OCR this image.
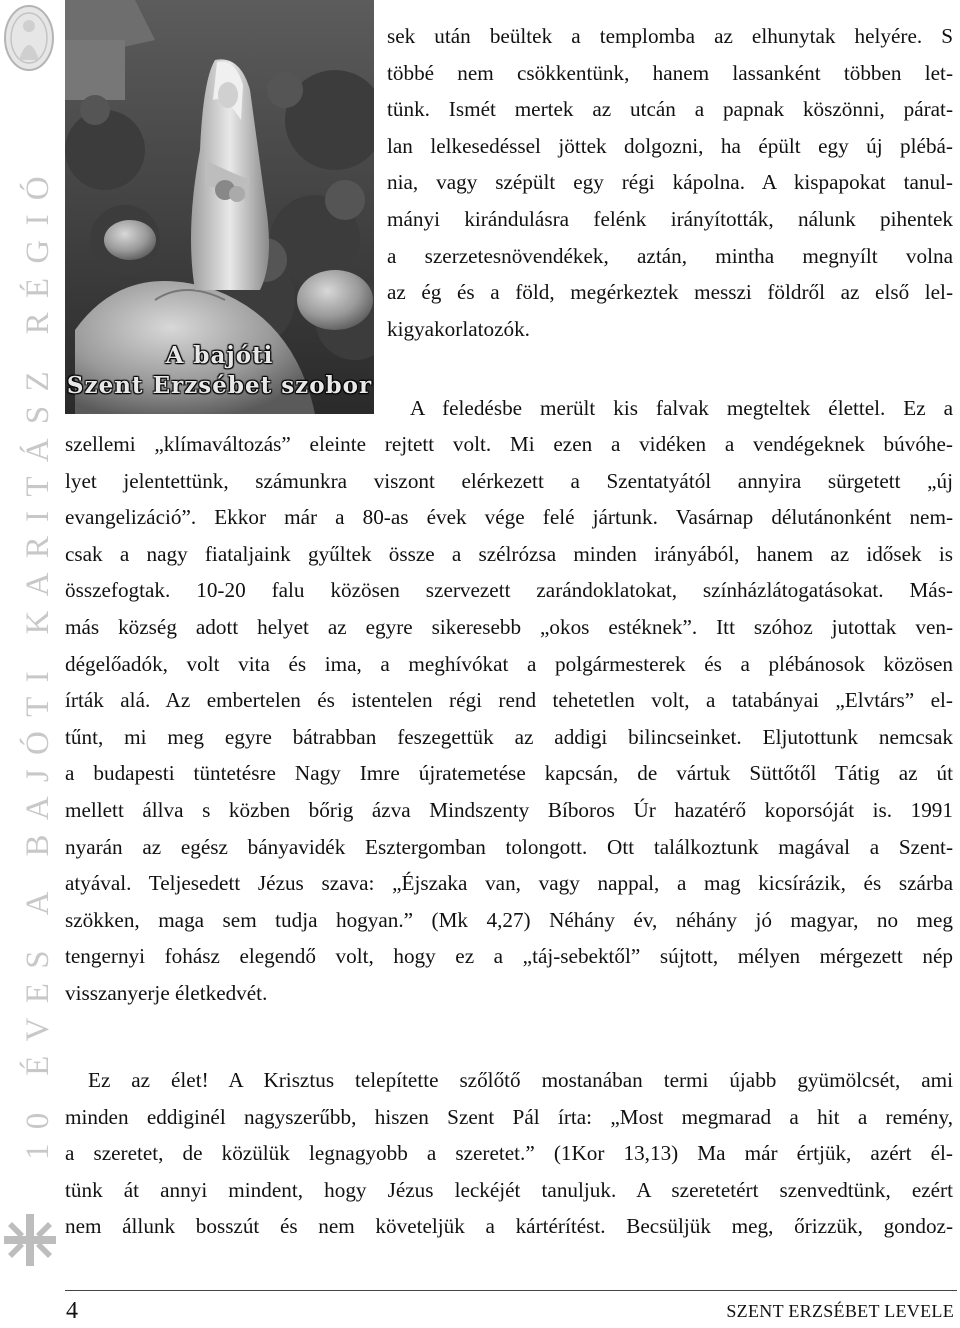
10 ÉVES A BAJÓTI KARITÁSZ RÉGIÓ	A bajóti
Szent Erzsébet szobor
sek után beültek a templomba az elhunytak helyére. S
többé nem csökkentünk, hanem lassanként többen let-
tünk. Ismét mertek az utcán a papnak köszönni, párat-
lan lelkesedéssel jöttek dolgozni, ha épült egy új plébá-
nia, vagy szépült egy régi kápolna. A kispapokat tanul-
mányi kirándulásra felénk irányították, nálunk pihentek
a szerzetesnövendékek, aztán, mintha megnyílt volna
az ég és a föld, megérkeztek messzi földről az első lel-
kigyakorlatozók.
A feledésbe merült kis falvak megteltek élettel. Ez a
szellemi „klímaváltozás” eleinte rejtett volt. Mi ezen a vidéken a vendégeknek búvóhe-
lyet jelentettünk, számunkra viszont elérkezett a Szentatyától annyira sürgetett „új
evangelizáció”. Ekkor már a 80-as évek vége felé jártunk. Vasárnap délutánonként nem-
csak a nagy fiataljaink gyűltek össze a szélrózsa minden irányából, hanem az idősek is
összefogtak. 10-20 falu közösen szervezett zarándoklatokat, színházlátogatásokat. Más-
más község adott helyet az egyre sikeresebb „okos estéknek”. Itt szóhoz jutottak ven-
dégelőadók, volt vita és ima, a meghívókat a polgármesterek és a plébánosok közösen
írták alá. Az embertelen és istentelen régi rend tehetetlen volt, a tatabányai „Elvtárs” el-
tűnt, mi meg egyre bátrabban feszegettük az addigi bilincseinket. Eljutottunk nemcsak
a budapesti tüntetésre Nagy Imre újratemetése kapcsán, de vártuk Süttőtől Tátig az út
mellett állva s közben bőrig ázva Mindszenty Bíboros Úr hazatérő koporsóját is. 1991
nyarán az egész bányavidék Esztergomban tolongott. Ott találkoztunk magával a Szent-
atyával. Teljesedett Jézus szava: „Éjszaka van, vagy nappal, a mag kicsírázik, és szárba
szökken, maga sem tudja hogyan.” (Mk 4,27) Néhány év, néhány jó magyar, no meg
tengernyi fohász elegendő volt, hogy ez a „táj-sebektől” sújtott, mélyen mérgezett nép
visszanyerje életkedvét.
Ez az élet! A Krisztus telepítette szőlőtő mostanában termi újabb gyümölcsét, ami
minden eddiginél nagyszerűbb, hiszen Szent Pál írta: „Most megmarad a hit a remény,
a szeretet, de közülük legnagyobb a szeretet.” (1Kor 13,13) Ma már értjük, azért él-
tünk át annyi mindent, hogy Jézus leckéjét tanuljuk. A szeretetért szenvedtünk, ezért
nem állunk bosszút és nem követeljük a kártérítést. Becsüljük meg, őrizzük, gondoz-
4	SZENT ERZSÉBET LEVELE
